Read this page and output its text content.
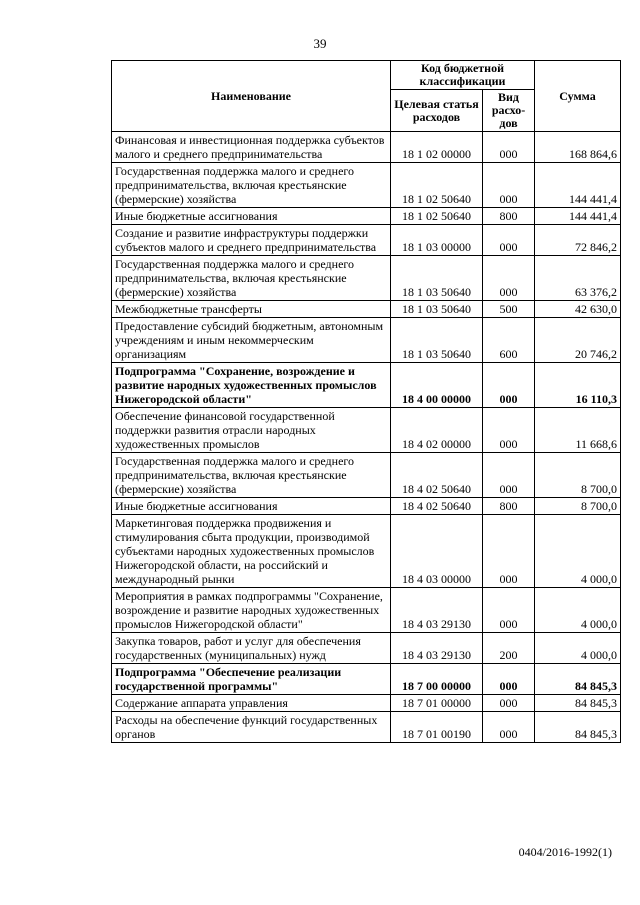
39
Наименование	Код бюджетной классификации		Сумма
	Целевая статья расходов	Вид расхо-дов	
Финансовая и инвестиционная поддержка субъектов малого и среднего предпринимательства	18 1 02 00000	000	168 864,6
Государственная поддержка малого и среднего предпринимательства, включая крестьянские (фермерские) хозяйства	18 1 02 50640	000	144 441,4
Иные бюджетные ассигнования	18 1 02 50640	800	144 441,4
Создание и развитие инфраструктуры поддержки субъектов малого и среднего предпринимательства	18 1 03 00000	000	72 846,2
Государственная поддержка малого и среднего предпринимательства, включая крестьянские (фермерские) хозяйства	18 1 03 50640	000	63 376,2
Межбюджетные трансферты	18 1 03 50640	500	42 630,0
Предоставление субсидий бюджетным, автономным учреждениям и иным некоммерческим организациям	18 1 03 50640	600	20 746,2
Подпрограмма "Сохранение, возрождение и развитие народных художественных промыслов Нижегородской области"	18 4 00 00000	000	16 110,3
Обеспечение финансовой государственной поддержки развития отрасли народных художественных промыслов	18 4 02 00000	000	11 668,6
Государственная поддержка малого и среднего предпринимательства, включая крестьянские (фермерские) хозяйства	18 4 02 50640	000	8 700,0
Иные бюджетные ассигнования	18 4 02 50640	800	8 700,0
Маркетинговая поддержка продвижения и стимулирования сбыта продукции, производимой субъектами народных художественных промыслов Нижегородской области, на российский и международный рынки	18 4 03 00000	000	4 000,0
Мероприятия в рамках подпрограммы "Сохранение, возрождение и развитие народных художественных промыслов Нижегородской области"	18 4 03 29130	000	4 000,0
Закупка товаров, работ и услуг для обеспечения государственных (муниципальных) нужд	18 4 03 29130	200	4 000,0
Подпрограмма "Обеспечение реализации государственной программы"	18 7 00 00000	000	84 845,3
Содержание аппарата управления	18 7 01 00000	000	84 845,3
Расходы на обеспечение функций государственных органов	18 7 01 00190	000	84 845,3
0404/2016-1992(1)
